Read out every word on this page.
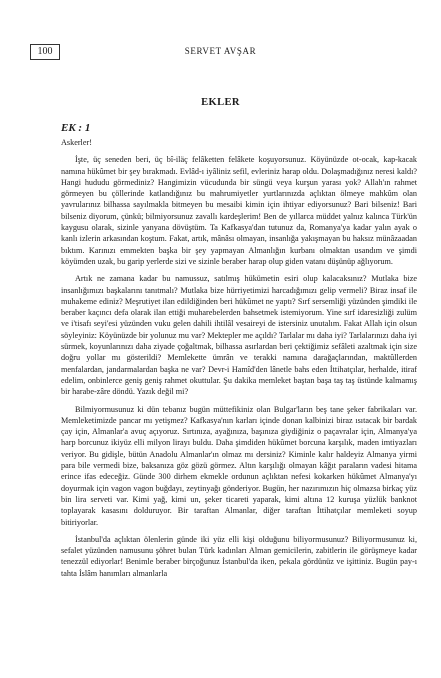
100	SERVET AVŞAR
EKLER
EK : 1

Askerler!

İşte, üç seneden beri, üç bî-iläç felâketten felâkete koşuyorsunuz. Köyünüzde ot-ocak, kap-kacak namına hükûmet bir şey bırakmadı. Evlâd-ı iyâliniz sefil, evleriniz harap oldu. Dolaşmadığınız neresi kaldı? Hangi hududu görmediniz? Hangimizin vücudunda bir süngü veya kurşun yarası yok? Allah'ın rahmet görmeyen bu çöllerinde katlandığınız bu mahrumiyetler yurtlarınızda açlıktan ölmeye mahkûm olan yavrularınız bilhassa sayılmakla bitmeyen bu mesaibi kimin için ihtiyar ediyorsunuz? Bari bilseniz! Bari bilseniz diyorum, çünkü; bilmiyorsunuz zavallı kardeşlerim! Ben de yıllarca müddet yalnız kalınca Türk'ün kaygusu olarak, sizinle yanyana dövüştüm. Ta Kafkasya'dan tutunuz da, Romanya'ya kadar yalın ayak o kanlı izlerin arkasından koştum. Fakat, artık, mânâsı olmayan, insanlığa yakışmayan bu haksız münâzaadan bıktım. Karınızı emmekten başka bir şey yapmayan Almanlığın kurbanı olmaktan usandım ve şimdi köyümden uzak, bu garip yerlerde sizi ve sizinle beraber harap olup giden vatanı düşünüp ağlıyorum.

Artık ne zamana kadar bu namussuz, satılmış hükümetin esiri olup kalacaksınız? Mutlaka bize insanlığımızı başkalarını tanıtmalı? Mutlaka bize hürriyetimizi harcadığımızı gelip vermeli? Biraz insaf ile muhakeme ediniz? Meşrutiyet ilan edildiğinden beri hükûmet ne yaptı? Sırf sersemliği yüzünden şimdiki ile beraber kaçıncı defa olarak ilan ettiği muharebelerden bahsetmek istemiyorum. Yine sırf idaresizliği zulüm ve i'tisafı seyi'esi yüzünden vuku gelen dahili ihtilâl vesaireyi de istersiniz unutalım. Fakat Allah için olsun söyleyiniz: Köyünüzde bir yolunuz mu var? Mektepler me açıldı? Tarlalar mı daha iyi? Tarlalarınızı daha iyi sürmek, koyunlarınızı daha ziyade çoğaltmak, bilhassa asırlardan beri çektiğimiz sefâleti azaltmak için size doğru yollar mı gösterildi? Memlekette ümrân ve terakki namına darağaçlarından, maktûllerden menfalardan, jandarmalardan başka ne var? Devr-i Hamîd'den lânetle bahs eden İttihatçılar, herhalde, itiraf edelim, onbinlerce geniş geniş rahmet okuttular. Şu dakika memleket baştan başa taş taş üstünde kalmamış bir harabe-zâre döndü. Yazık değil mi?

Bilmiyormusunuz ki dün tebanız bugün müttefikiniz olan Bulgar'ların beş tane şeker fabrikaları var. Memleketimizde pancar mı yetişmez? Kafkasya'nın karları içinde donan kalbinizi biraz ısıtacak bir bardak çay için, Almanlar'a avuç açıyoruz. Sırtınıza, ayağınıza, başınıza giydiğiniz o paçavralar için, Almanya'ya harp borcunuz ikiyüz elli milyon lirayı buldu. Daha şimdiden hükûmet borcuna karşılık, maden imtiyazları veriyor. Bu gidişle, bütün Anadolu Almanlar'ın olmaz mı dersiniz? Kiminle kalır haldeyiz Almanya yirmi para bile vermedi bize, baksanıza göz gözü görmez. Altın karşılığı olmayan kâğıt paraların vadesi hitama erince ifas edeceğiz. Günde 300 dirhem ekmekle ordunun açlıktan nefesi kokarken hükûmet Almanya'yı doyurmak için vagon vagon buğdayı, zeytinyağı gönderiyor. Bugün, her nazırımızın hiç olmazsa birkaç yüz bin lira serveti var. Kimi yağ, kimi un, şeker ticareti yaparak, kimi altına 12 kuruşa yüzlük banknot toplayarak kasasını dolduruyor. Bir taraftan Almanlar, diğer taraftan İttihatçılar memleketi soyup bitiriyorlar.

İstanbul'da açlıktan ölenlerin günde iki yüz elli kişi olduğunu biliyormusunuz? Biliyormusunuz ki, sefalet yüzünden namusunu şöhret bulan Türk kadınları Alman gemicilerin, zabitlerin ile görüşmeye kadar tenezzül ediyorlar! Benimle beraber birçoğunuz İstanbul'da iken, pekala gördünüz ve işittiniz. Bugün pay-ı tahta İslâm hanımları almanlarla
